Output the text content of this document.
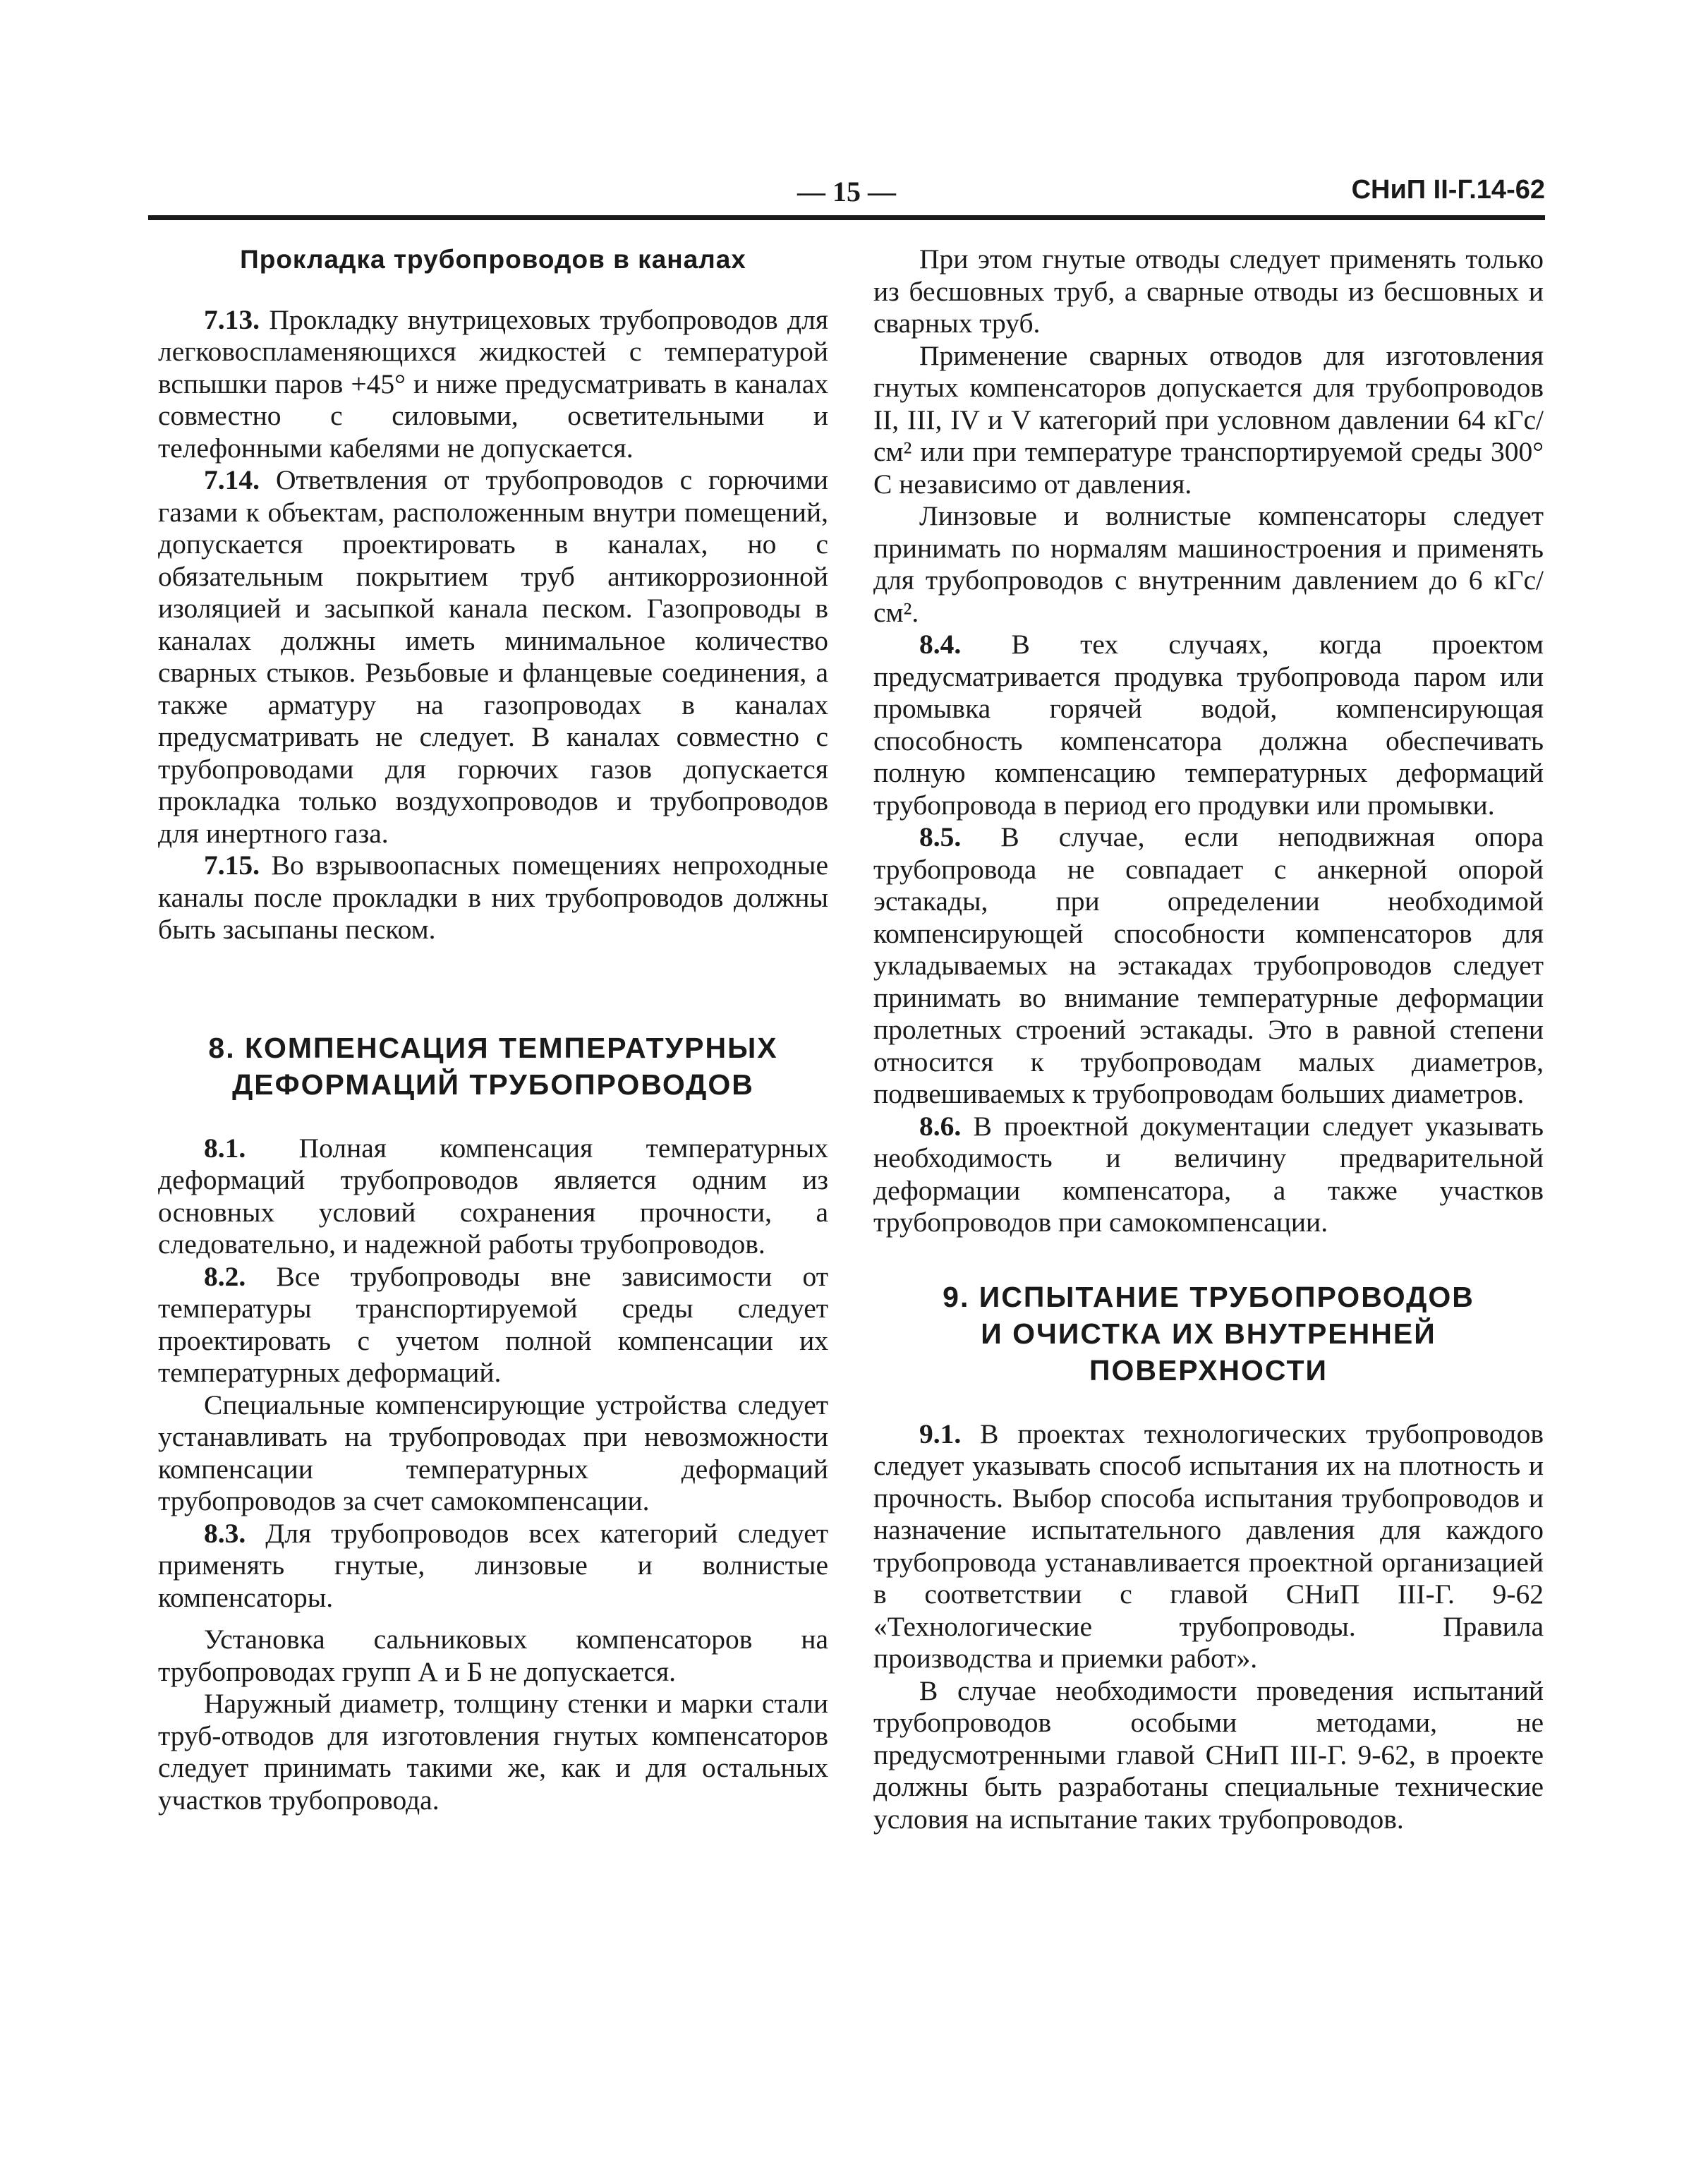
— 15 —	СНиП II-Г.14-62
Прокладка трубопроводов в каналах

7.13. Прокладку внутрицеховых трубопроводов для легковоспламеняющихся жидкостей с температурой вспышки паров +45° и ниже предусматривать в каналах совместно с силовыми, осветительными и телефонными кабелями не допускается.

7.14. Ответвления от трубопроводов с горючими газами к объектам, расположенным внутри помещений, допускается проектировать в каналах, но с обязательным покрытием труб антикоррозионной изоляцией и засыпкой канала песком. Газопроводы в каналах должны иметь минимальное количество сварных стыков. Резьбовые и фланцевые соединения, а также арматуру на газопроводах в каналах предусматривать не следует. В каналах совместно с трубопроводами для горючих газов допускается прокладка только воздухопроводов и трубопроводов для инертного газа.

7.15. Во взрывоопасных помещениях непроходные каналы после прокладки в них трубопроводов должны быть засыпаны песком.

8. КОМПЕНСАЦИЯ ТЕМПЕРАТУРНЫХ
ДЕФОРМАЦИЙ ТРУБОПРОВОДОВ

8.1. Полная компенсация температурных деформаций трубопроводов является одним из основных условий сохранения прочности, а следовательно, и надежной работы трубопроводов.

8.2. Все трубопроводы вне зависимости от температуры транспортируемой среды следует проектировать с учетом полной компенсации их температурных деформаций.

Специальные компенсирующие устройства следует устанавливать на трубопроводах при невозможности компенсации температурных деформаций трубопроводов за счет самокомпенсации.

8.3. Для трубопроводов всех категорий следует применять гнутые, линзовые и волнистые компенсаторы.

Установка сальниковых компенсаторов на трубопроводах групп А и Б не допускается.

Наружный диаметр, толщину стенки и марки стали труб-отводов для изготовления гнутых компенсаторов следует принимать такими же, как и для остальных участков трубопровода.

При этом гнутые отводы следует применять только из бесшовных труб, а сварные отводы из бесшовных и сварных труб.

Применение сварных отводов для изготовления гнутых компенсаторов допускается для трубопроводов II, III, IV и V категорий при условном давлении 64 кГс/см² или при температуре транспортируемой среды 300° С независимо от давления.

Линзовые и волнистые компенсаторы следует принимать по нормалям машиностроения и применять для трубопроводов с внутренним давлением до 6 кГс/см².

8.4. В тех случаях, когда проектом предусматривается продувка трубопровода паром или промывка горячей водой, компенсирующая способность компенсатора должна обеспечивать полную компенсацию температурных деформаций трубопровода в период его продувки или промывки.

8.5. В случае, если неподвижная опора трубопровода не совпадает с анкерной опорой эстакады, при определении необходимой компенсирующей способности компенсаторов для укладываемых на эстакадах трубопроводов следует принимать во внимание температурные деформации пролетных строений эстакады. Это в равной степени относится к трубопроводам малых диаметров, подвешиваемых к трубопроводам больших диаметров.

8.6. В проектной документации следует указывать необходимость и величину предварительной деформации компенсатора, а также участков трубопроводов при самокомпенсации.

9. ИСПЫТАНИЕ ТРУБОПРОВОДОВ
И ОЧИСТКА ИХ ВНУТРЕННЕЙ
ПОВЕРХНОСТИ

9.1. В проектах технологических трубопроводов следует указывать способ испытания их на плотность и прочность. Выбор способа испытания трубопроводов и назначение испытательного давления для каждого трубопровода устанавливается проектной организацией в соответствии с главой СНиП III-Г. 9-62 «Технологические трубопроводы. Правила производства и приемки работ».

В случае необходимости проведения испытаний трубопроводов особыми методами, не предусмотренными главой СНиП III-Г. 9-62, в проекте должны быть разработаны специальные технические условия на испытание таких трубопроводов.
